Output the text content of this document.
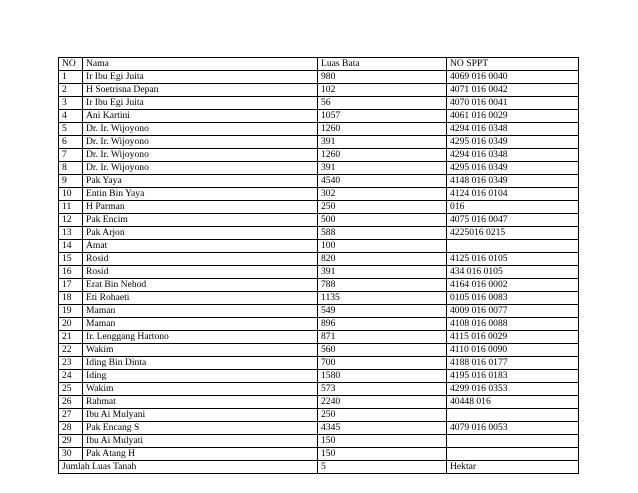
NO	Nama	Luas Bata	NO SPPT
1	Ir Ibu Egi Juita	980	4069 016 0040
2	H Soetrisna Depan	102	4071 016 0042
3	Ir Ibu Egi Juita	56	4070 016 0041
4	Ani Kartini	1057	4061 016 0029
5	Dr. Ir. Wijoyono	1260	4294 016 0348
6	Dr. Ir. Wijoyono	391	4295 016 0349
7	Dr. Ir. Wijoyono	1260	4294 016 0348
8	Dr. Ir. Wijoyono	391	4295 016 0349
9	Pak Yaya	4540	4148 016 0349
10	Entin Bin Yaya	302	4124 016 0104
11	H Parman	250	016
12	Pak Encim	500	4075 016 0047
13	Pak Arjon	588	4225016 0215
14	Amat	100	
15	Rosid	820	4125 016 0105
16	Rosid	391	434 016 0105
17	Erat Bin Nehod	788	4164 016 0002
18	Eti Rohaeti	1135	0105 016 0083
19	Maman	549	4009 016 0077
20	Maman	896	4108 016 0088
21	Ir. Lenggang Hartono	871	4115 016 0029
22	Wakim	560	4110 016 0090
23	Iding Bin Dinta	700	4188 016 0177
24	Iding	1580	4195 016 0183
25	Wakim	573	4299 016 0353
26	Rahmat	2240	40448 016
27	Ibu Ai Mulyani	250	
28	Pak Encang S	4345	4079 016 0053
29	Ibu Ai Mulyati	150	
30	Pak Atang H	150	
Jumlah Luas Tanah		5	Hektar
